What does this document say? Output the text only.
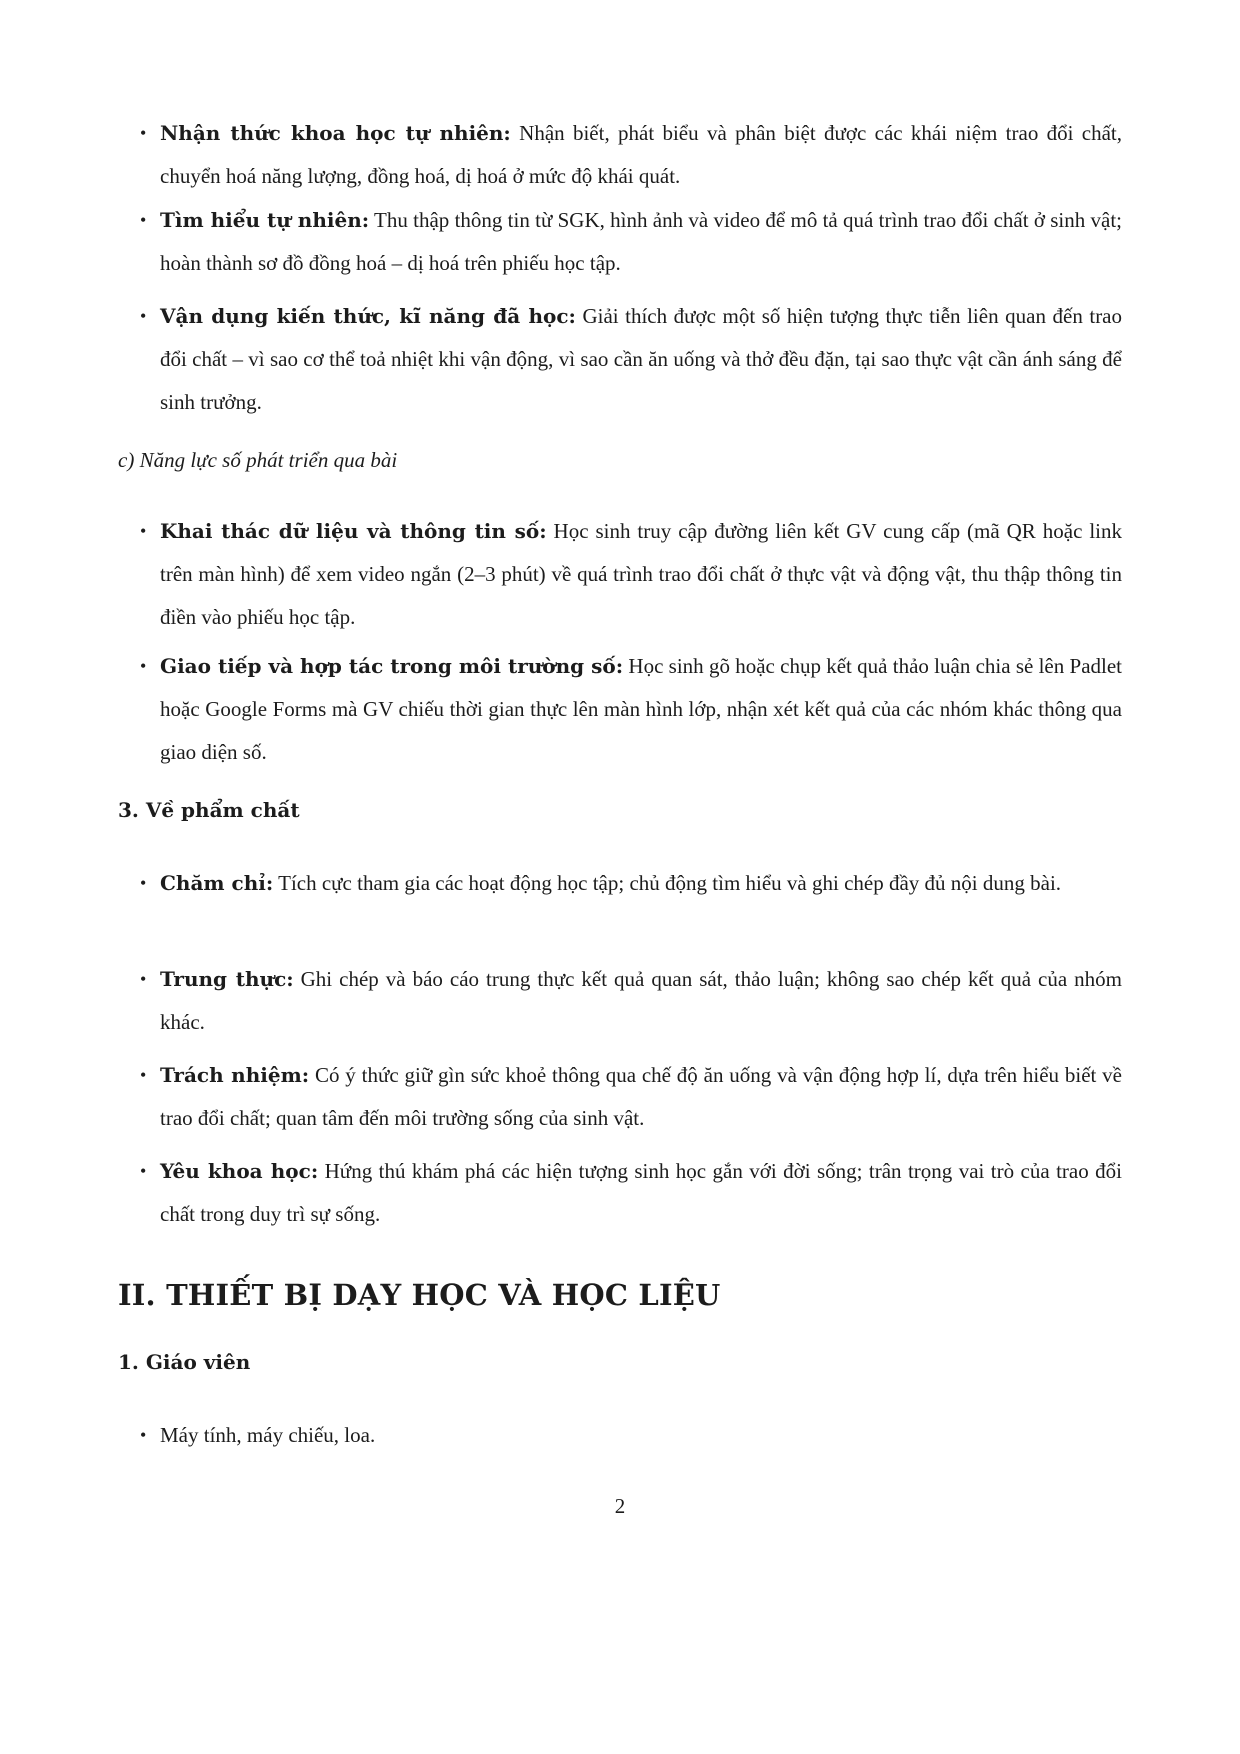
• Nhận thức khoa học tự nhiên: Nhận biết, phát biểu và phân biệt được các khái niệm trao đổi chất, chuyển hoá năng lượng, đồng hoá, dị hoá ở mức độ khái quát.
• Tìm hiểu tự nhiên: Thu thập thông tin từ SGK, hình ảnh và video để mô tả quá trình trao đổi chất ở sinh vật; hoàn thành sơ đồ đồng hoá – dị hoá trên phiếu học tập.
• Vận dụng kiến thức, kĩ năng đã học: Giải thích được một số hiện tượng thực tiễn liên quan đến trao đổi chất – vì sao cơ thể toả nhiệt khi vận động, vì sao cần ăn uống và thở đều đặn, tại sao thực vật cần ánh sáng để sinh trưởng.
c) Năng lực số phát triển qua bài
• Khai thác dữ liệu và thông tin số: Học sinh truy cập đường liên kết GV cung cấp (mã QR hoặc link trên màn hình) để xem video ngắn (2–3 phút) về quá trình trao đổi chất ở thực vật và động vật, thu thập thông tin điền vào phiếu học tập.
• Giao tiếp và hợp tác trong môi trường số: Học sinh gõ hoặc chụp kết quả thảo luận chia sẻ lên Padlet hoặc Google Forms mà GV chiếu thời gian thực lên màn hình lớp, nhận xét kết quả của các nhóm khác thông qua giao diện số.
3. Về phẩm chất
• Chăm chỉ: Tích cực tham gia các hoạt động học tập; chủ động tìm hiểu và ghi chép đầy đủ nội dung bài.
• Trung thực: Ghi chép và báo cáo trung thực kết quả quan sát, thảo luận; không sao chép kết quả của nhóm khác.
• Trách nhiệm: Có ý thức giữ gìn sức khoẻ thông qua chế độ ăn uống và vận động hợp lí, dựa trên hiểu biết về trao đổi chất; quan tâm đến môi trường sống của sinh vật.
• Yêu khoa học: Hứng thú khám phá các hiện tượng sinh học gắn với đời sống; trân trọng vai trò của trao đổi chất trong duy trì sự sống.
II. THIẾT BỊ DẠY HỌC VÀ HỌC LIỆU
1. Giáo viên
• Máy tính, máy chiếu, loa.
2
